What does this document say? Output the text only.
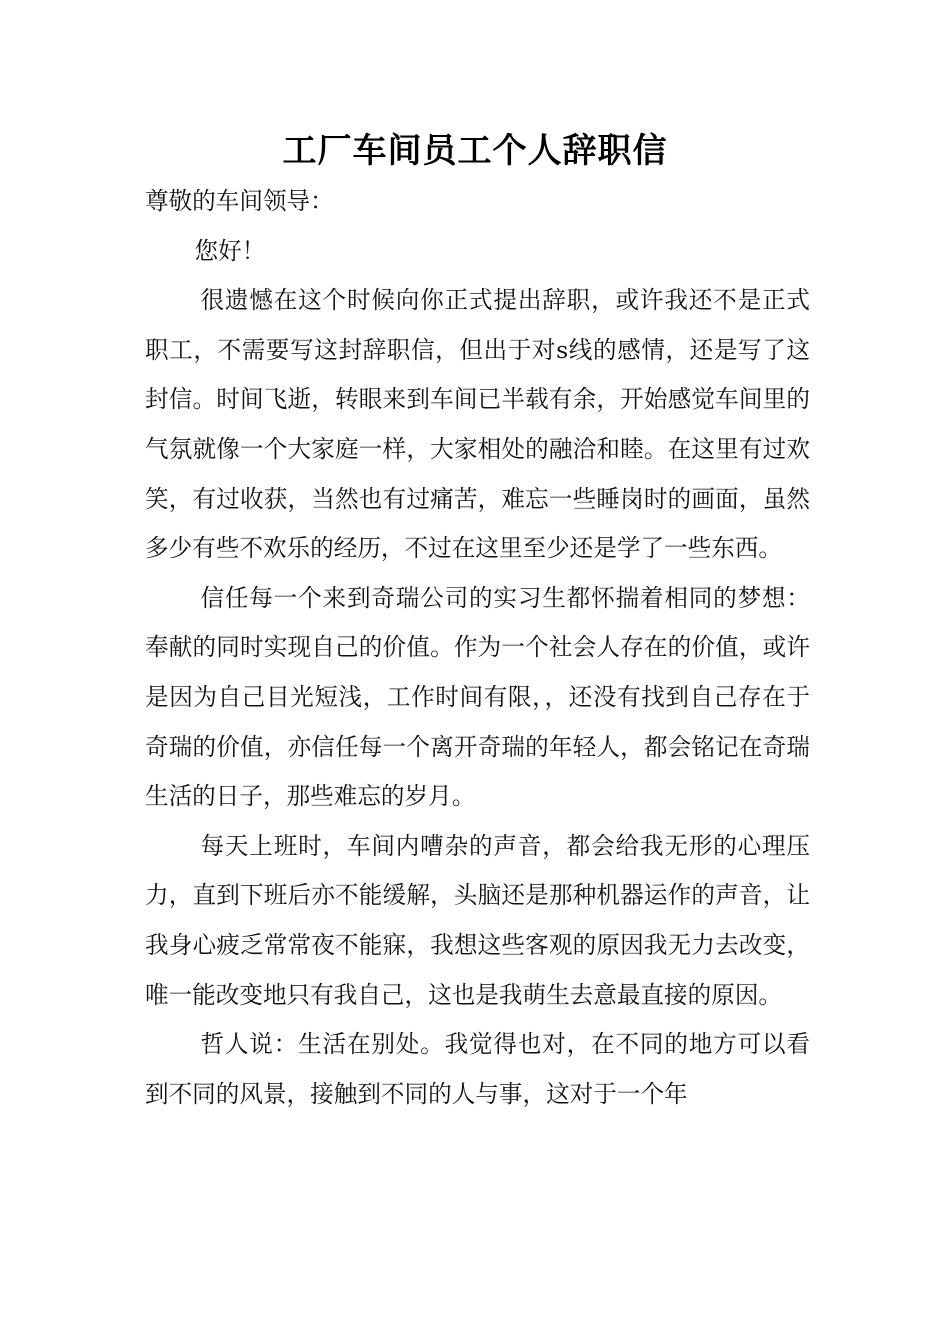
工厂车间员工个人辞职信

尊敬的车间领导：

您好！

很遗憾在这个时候向你正式提出辞职，或许我还不是正式职工，不需要写这封辞职信，但出于对s线的感情，还是写了这封信。时间飞逝，转眼来到车间已半载有余，开始感觉车间里的气氛就像一个大家庭一样，大家相处的融洽和睦。在这里有过欢笑，有过收获，当然也有过痛苦，难忘一些睡岗时的画面，虽然多少有些不欢乐的经历，不过在这里至少还是学了一些东西。

信任每一个来到奇瑞公司的实习生都怀揣着相同的梦想：奉献的同时实现自己的价值。作为一个社会人存在的价值，或许是因为自己目光短浅，工作时间有限，，还没有找到自己存在于奇瑞的价值，亦信任每一个离开奇瑞的年轻人，都会铭记在奇瑞生活的日子，那些难忘的岁月。

每天上班时，车间内嘈杂的声音，都会给我无形的心理压力，直到下班后亦不能缓解，头脑还是那种机器运作的声音，让我身心疲乏常常夜不能寐，我想这些客观的原因我无力去改变，唯一能改变地只有我自己，这也是我萌生去意最直接的原因。

哲人说：生活在别处。我觉得也对，在不同的地方可以看到不同的风景，接触到不同的人与事，这对于一个年
